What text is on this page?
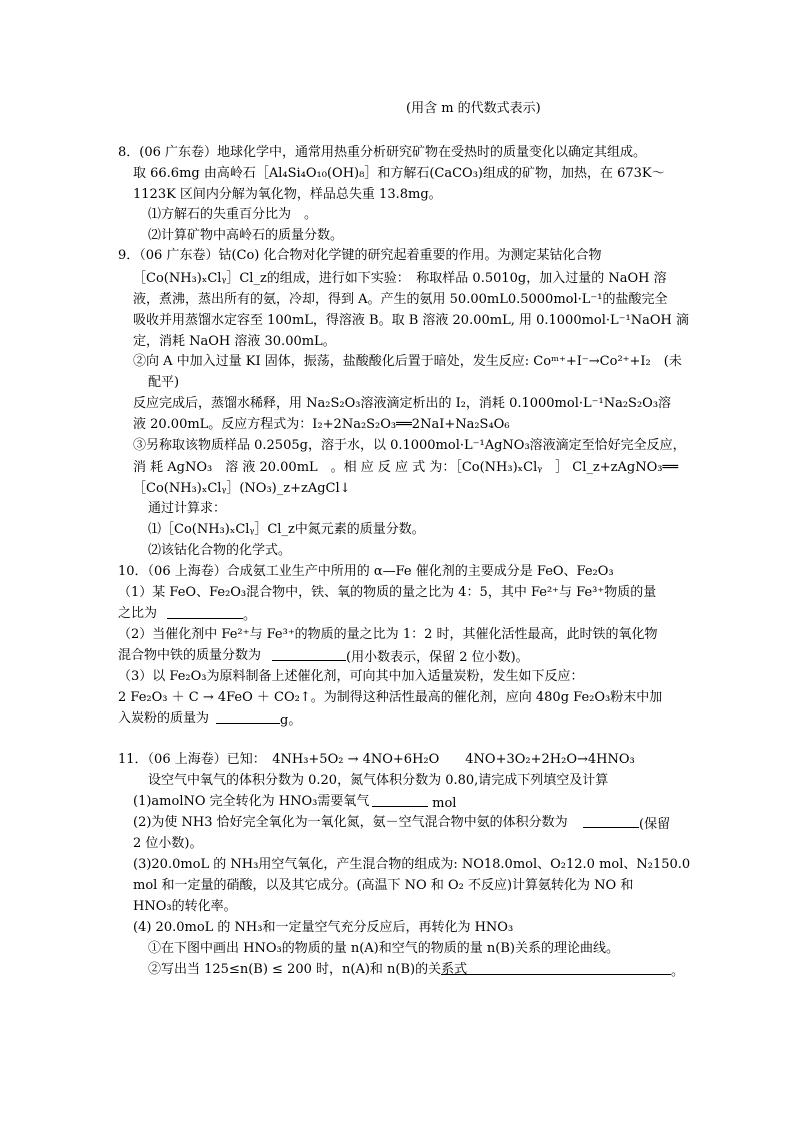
(用含 m 的代数式表示)
8．(06 广东卷）地球化学中，通常用热重分析研究矿物在受热时的质量变化以确定其组成。
取 66.6mg 由高岭石［Al₄Si₄O₁₀(OH)₈］和方解石(CaCO₃)组成的矿物，加热，在 673K～
1123K 区间内分解为氧化物，样品总失重 13.8mg。
⑴方解石的失重百分比为　。
⑵计算矿物中高岭石的质量分数。
9．（06 广东卷）钴(Co) 化合物对化学键的研究起着重要的作用。为测定某钴化合物
［Co(NH₃)ₓClᵧ］Cl_z的组成，进行如下实验：　称取样品 0.5010g，加入过量的 NaOH 溶
液，煮沸，蒸出所有的氨，冷却，得到 A。产生的氨用 50.00mL0.5000mol·L⁻¹的盐酸完全
吸收并用蒸馏水定容至 100mL，得溶液 B。取 B 溶液 20.00mL, 用 0.1000mol·L⁻¹NaOH 滴
定，消耗 NaOH 溶液 30.00mL。
②向 A 中加入过量 KI 固体，振荡，盐酸酸化后置于暗处，发生反应: Coᵐ⁺+I⁻→Co²⁺+I₂　(未
配平)
反应完成后，蒸馏水稀释，用 Na₂S₂O₃溶液滴定析出的 I₂，消耗 0.1000mol·L⁻¹Na₂S₂O₃溶
液 20.00mL。反应方程式为：I₂+2Na₂S₂O₃══2NaI+Na₂S₄O₆
③另称取该物质样品 0.2505g，溶于水，以 0.1000mol·L⁻¹AgNO₃溶液滴定至恰好完全反应，
消 耗 AgNO₃　溶 液 20.00mL　。相 应 反 应 式 为：［Co(NH₃)ₓClᵧ　］ Cl_z+zAgNO₃══
［Co(NH₃)ₓClᵧ］(NO₃)_z+zAgCl↓
通过计算求：
⑴［Co(NH₃)ₓClᵧ］Cl_z中氮元素的质量分数。
⑵该钴化合物的化学式。
10．（06 上海卷）合成氨工业生产中所用的 α—Fe 催化剂的主要成分是 FeO、Fe₂O₃
（1）某 FeO、Fe₂O₃混合物中，铁、氧的物质的量之比为 4：5，其中 Fe²⁺与 Fe³⁺物质的量
之比为
（2）当催化剂中 Fe²⁺与 Fe³⁺的物质的量之比为 1：2 时，其催化活性最高，此时铁的氧化物
混合物中铁的质量分数为
（3）以 Fe₂O₃为原料制备上述催化剂，可向其中加入适量炭粉，发生如下反应：
2 Fe₂O₃ ＋ C → 4FeO ＋ CO₂↑。为制得这种活性最高的催化剂，应向 480g Fe₂O₃粉末中加
入炭粉的质量为
11．（06 上海卷）已知：　4NH₃+5O₂ → 4NO+6H₂O　　4NO+3O₂+2H₂O→4HNO₃
设空气中氧气的体积分数为 0.20，氮气体积分数为 0.80,请完成下列填空及计算
(1)amolNO 完全转化为 HNO₃需要氧气
(2)为使 NH3 恰好完全氧化为一氧化氮，氨－空气混合物中氨的体积分数为
2 位小数)。
(3)20.0moL 的 NH₃用空气氧化，产生混合物的组成为: NO18.0mol、O₂12.0 mol、N₂150.0
mol 和一定量的硝酸，以及其它成分。(高温下 NO 和 O₂ 不反应)计算氨转化为 NO 和
HNO₃的转化率。
(4) 20.0moL 的 NH₃和一定量空气充分反应后，再转化为 HNO₃
①在下图中画出 HNO₃的物质的量 n(A)和空气的物质的量 n(B)关系的理论曲线。
②写出当 125≤n(B) ≤ 200 时，n(A)和 n(B)的关系式
。
(用小数表示，保留 2 位小数)。
g。
mol
(保留
。
